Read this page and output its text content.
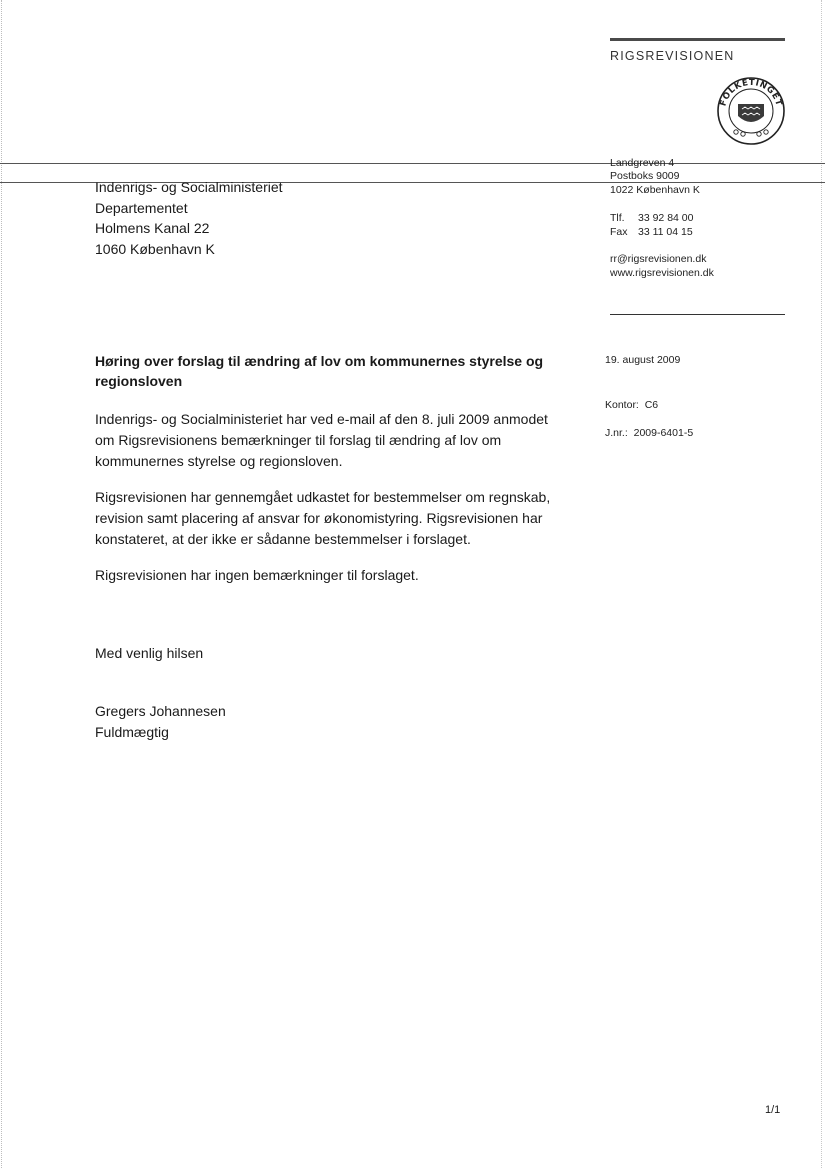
RIGSREVISIONEN
FOLKETINGET
Landgreven 4
Postboks 9009
1022 København K
Tlf. 33 92 84 00
Fax 33 11 04 15
rr@rigsrevisionen.dk
www.rigsrevisionen.dk
Indenrigs- og Socialministeriet
Departementet
Holmens Kanal 22
1060 København K
19. august 2009
Kontor: C6
J.nr.: 2009-6401-5
Høring over forslag til ændring af lov om kommunernes styrelse og regionsloven
Indenrigs- og Socialministeriet har ved e-mail af den 8. juli 2009 anmodet om Rigsrevisionens bemærkninger til forslag til ændring af lov om kommunernes styrelse og regionsloven.
Rigsrevisionen har gennemgået udkastet for bestemmelser om regnskab, revision samt placering af ansvar for økonomistyring. Rigsrevisionen har konstateret, at der ikke er sådanne bestemmelser i forslaget.
Rigsrevisionen har ingen bemærkninger til forslaget.
Med venlig hilsen
Gregers Johannesen
Fuldmægtig
1/1
